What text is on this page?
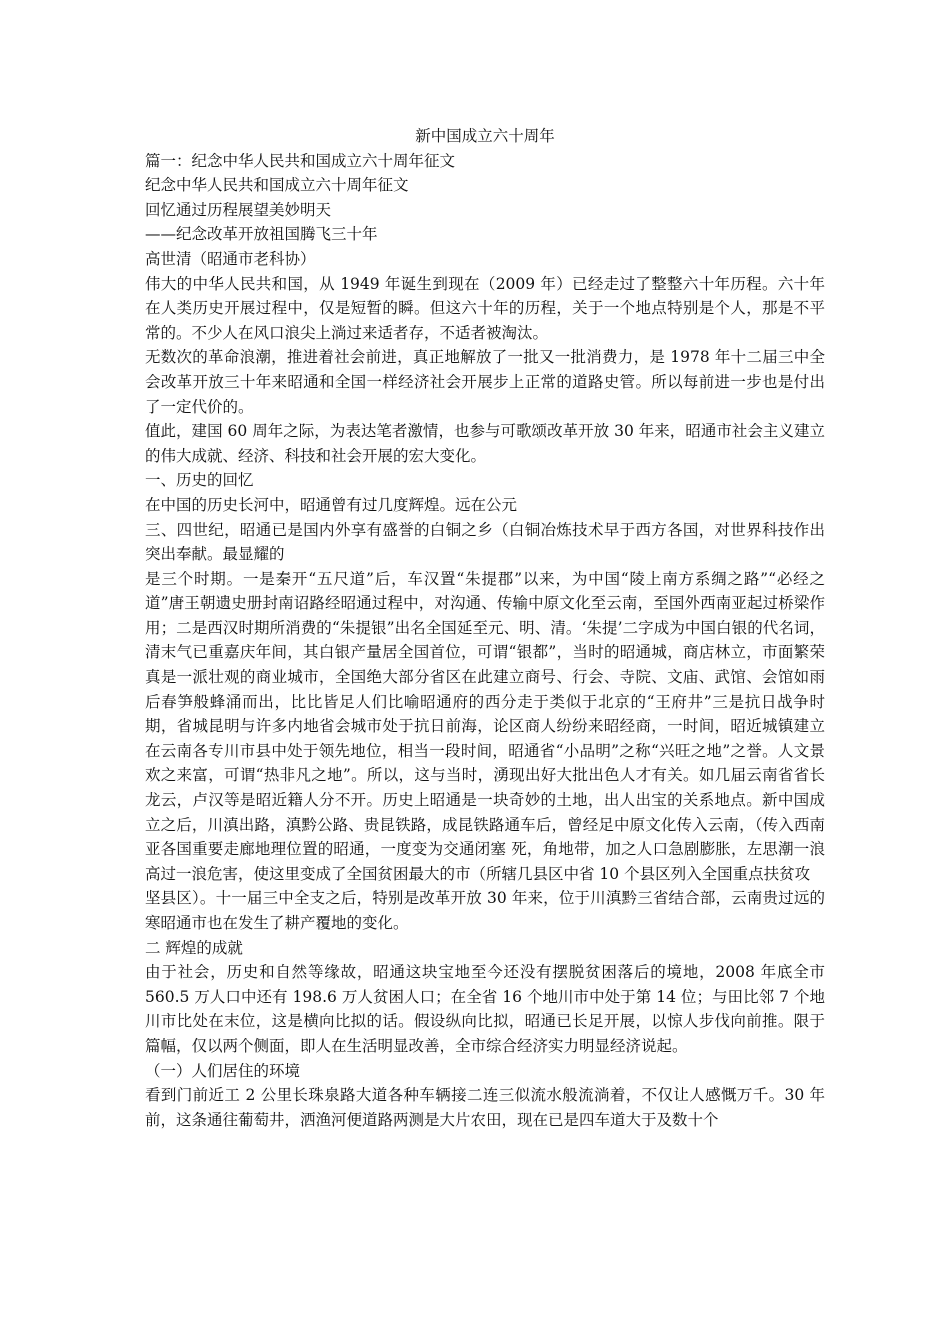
新中国成立六十周年

篇一：纪念中华人民共和国成立六十周年征文

纪念中华人民共和国成立六十周年征文

回忆通过历程展望美妙明天

——纪念改革开放祖国腾飞三十年

高世清（昭通市老科协）

伟大的中华人民共和国，从 1949 年诞生到现在（2009 年）已经走过了整整六十年历程。六十年在人类历史开展过程中，仅是短暂的瞬。但这六十年的历程，关于一个地点特别是个人，那是不平常的。不少人在风口浪尖上淌过来适者存，不适者被淘汰。

无数次的革命浪潮，推进着社会前进，真正地解放了一批又一批消费力，是 1978 年十二届三中全会改革开放三十年来昭通和全国一样经济社会开展步上正常的道路史管。所以每前进一步也是付出了一定代价的。

值此，建国 60 周年之际，为表达笔者激情，也参与可歌颂改革开放 30 年来，昭通市社会主义建立的伟大成就、经济、科技和社会开展的宏大变化。

一、历史的回忆

在中国的历史长河中，昭通曾有过几度辉煌。远在公元

三、四世纪，昭通已是国内外享有盛誉的白铜之乡（白铜冶炼技术早于西方各国，对世界科技作出突出奉献。最显耀的

是三个时期。一是秦开“五尺道”后，车汉置“朱提郡”以来，为中国“陵上南方系绸之路”“必经之道”唐王朝遗史册封南诏路经昭通过程中，对沟通、传输中原文化至云南，至国外西南亚起过桥梁作用；二是西汉时期所消费的“朱提银”出名全国延至元、明、清。‘朱提’二字成为中国白银的代名词，清末气已重嘉庆年间，其白银产量居全国首位，可谓“银都”，当时的昭通城，商店林立，市面繁荣真是一派壮观的商业城市，全国绝大部分省区在此建立商号、行会、寺院、文庙、武馆、会馆如雨后春笋般蜂涌而出，比比皆足人们比喻昭通府的西分走于类似于北京的“王府井”三是抗日战争时期，省城昆明与许多内地省会城市处于抗日前海，论区商人纷纷来昭经商，一时间，昭近城镇建立在云南各专川市县中处于领先地位，相当一段时间，昭通省“小品明”之称“兴旺之地”之誉。人文景欢之来富，可谓“热非凡之地”。所以，这与当时，湧现出好大批出色人才有关。如几届云南省省长龙云，卢汉等是昭近籍人分不开。历史上昭通是一块奇妙的土地，出人出宝的关系地点。新中国成立之后，川滇出路，滇黔公路、贵昆铁路，成昆铁路通车后，曾经足中原文化传入云南，（传入西南亚各国重要走廊地理位置的昭通，一度变为交通闭塞 死，角地带，加之人口急剧膨胀，左思潮一浪高过一浪危害，使这里变成了全国贫困最大的市（所辖几县区中省 10 个县区列入全国重点扶贫攻

坚县区）。十一届三中全支之后，特别是改革开放 30 年来，位于川滇黔三省结合部，云南贵过远的寒昭通市也在发生了耕产覆地的变化。

二 辉煌的成就

由于社会，历史和自然等缘故，昭通这块宝地至今还没有摆脱贫困落后的境地，2008 年底全市 560.5 万人口中还有 198.6 万人贫困人口；在全省 16 个地川市中处于第 14 位；与田比邻 7 个地川市比处在末位，这是横向比拟的话。假设纵向比拟，昭通已长足开展，以惊人步伐向前推。限于篇幅，仅以两个侧面，即人在生活明显改善，全市综合经济实力明显经济说起。

（一）人们居住的环境

看到门前近工 2 公里长珠泉路大道各种车辆接二连三似流水般流淌着，不仅让人感慨万千。30 年前，这条通往葡萄井，洒渔河便道路两测是大片农田，现在已是四车道大于及数十个
